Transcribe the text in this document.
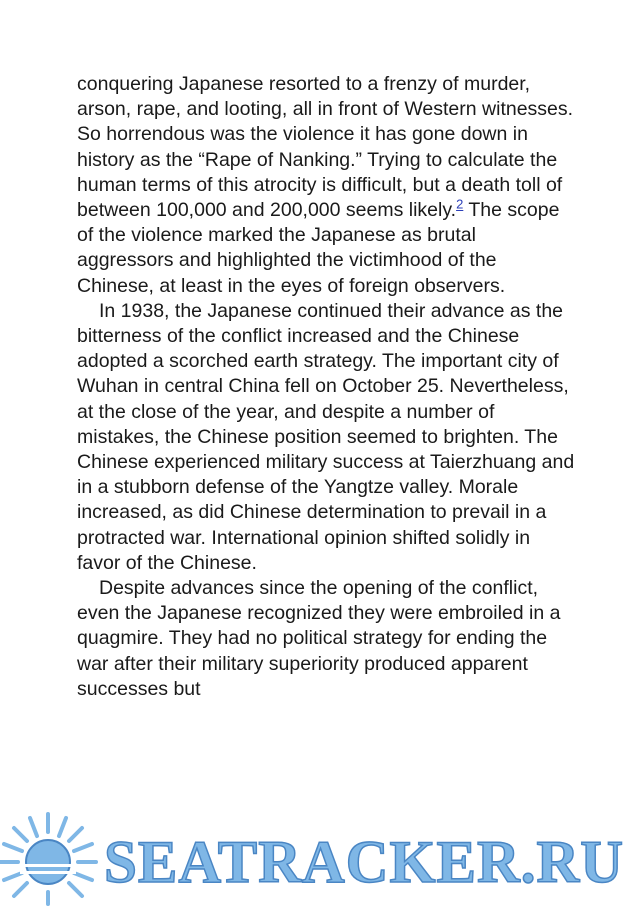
conquering Japanese resorted to a frenzy of murder, arson, rape, and looting, all in front of Western witnesses. So horrendous was the violence it has gone down in history as the “Rape of Nanking.” Trying to calculate the human terms of this atrocity is difficult, but a death toll of between 100,000 and 200,000 seems likely.$^2$ The scope of the violence marked the Japanese as brutal aggressors and highlighted the victimhood of the Chinese, at least in the eyes of foreign observers.

In 1938, the Japanese continued their advance as the bitterness of the conflict increased and the Chinese adopted a scorched earth strategy. The important city of Wuhan in central China fell on October 25. Nevertheless, at the close of the year, and despite a number of mistakes, the Chinese position seemed to brighten. The Chinese experienced military success at Taierzhuang and in a stubborn defense of the Yangtze valley. Morale increased, as did Chinese determination to prevail in a protracted war. International opinion shifted solidly in favor of the Chinese.

Despite advances since the opening of the conflict, even the Japanese recognized they were embroiled in a quagmire. They had no political strategy for ending the war after their military superiority produced apparent successes but

SEATRACKER.RU
